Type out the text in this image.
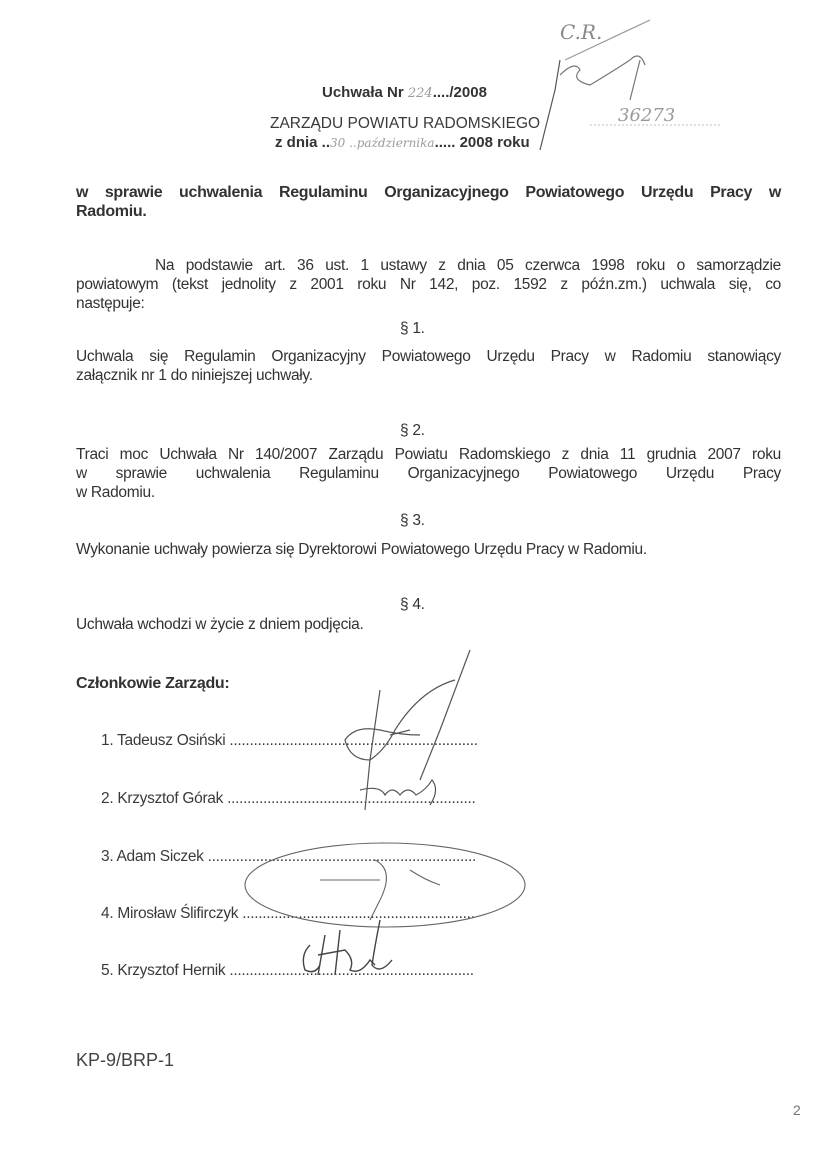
Uchwała Nr 224..../2008
ZARZĄDU POWIATU RADOMSKIEGO
z dnia ..30 ..października..... 2008 roku
C.R.
36273
w sprawie uchwalenia Regulaminu Organizacyjnego Powiatowego Urzędu Pracy w
Radomiu.
Na podstawie art. 36 ust. 1 ustawy z dnia 05 czerwca 1998 roku o samorządzie
powiatowym (tekst jednolity z 2001 roku Nr 142, poz. 1592 z późn.zm.) uchwala się, co
następuje:
§ 1.
Uchwala się Regulamin Organizacyjny Powiatowego Urzędu Pracy w Radomiu stanowiący
załącznik nr 1 do niniejszej uchwały.
§ 2.
Traci moc Uchwała Nr 140/2007 Zarządu Powiatu Radomskiego z dnia 11 grudnia 2007 roku
w sprawie uchwalenia Regulaminu Organizacyjnego Powiatowego Urzędu Pracy
w Radomiu.
§ 3.
Wykonanie uchwały powierza się Dyrektorowi Powiatowego Urzędu Pracy w Radomiu.
§ 4.
Uchwała wchodzi w życie z dniem podjęcia.
Członkowie Zarządu:
1. Tadeusz Osiński ..............................................................
2. Krzysztof Górak ..............................................................
3. Adam Siczek ...................................................................
4. Mirosław Ślifirczyk ..........................................................
5. Krzysztof Hernik .............................................................
KP-9/BRP-1
2
